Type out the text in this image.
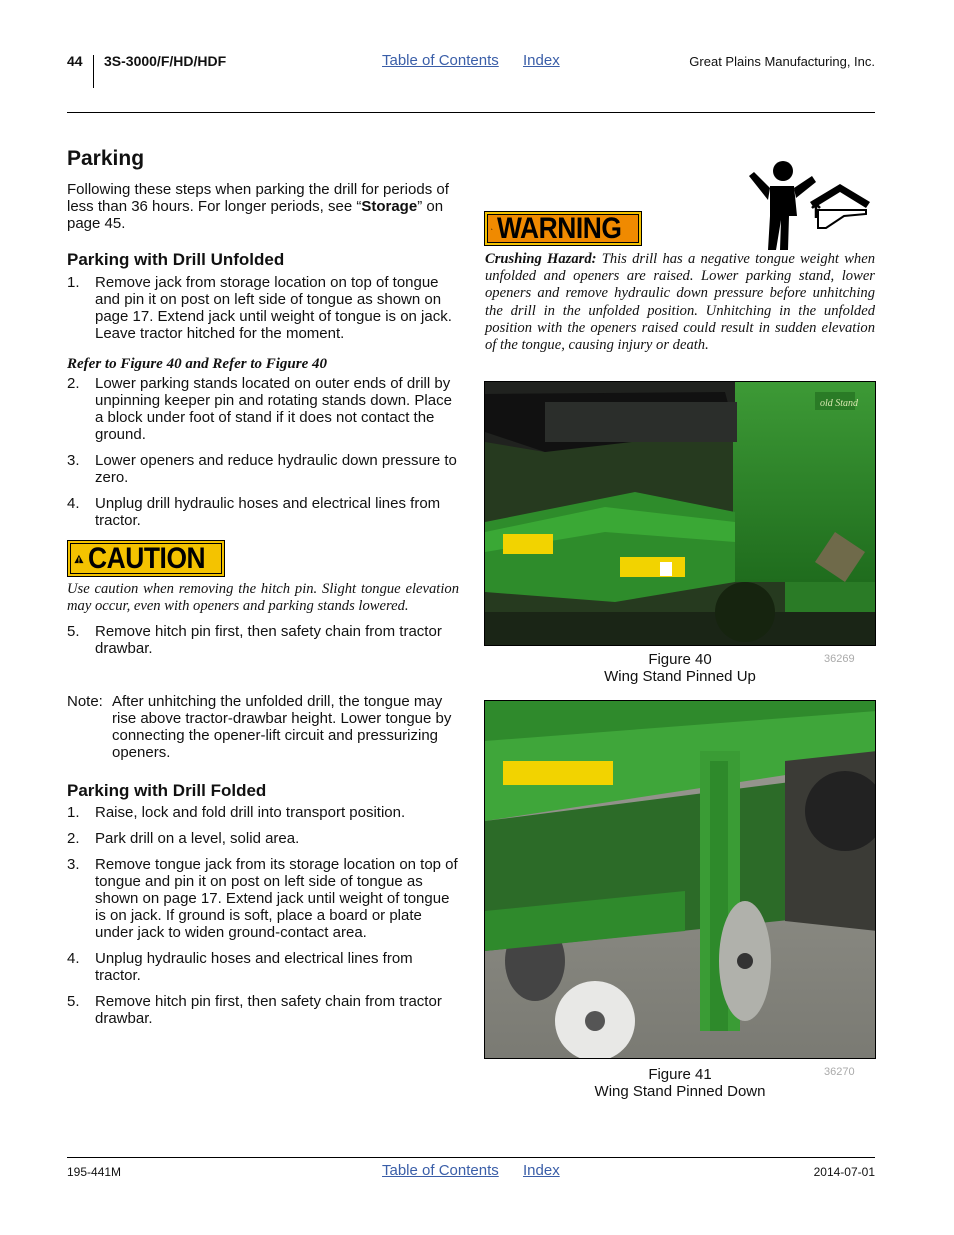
44 3S-3000/F/HD/HDF	Table of Contents Index	Great Plains Manufacturing, Inc.
Parking
Following these steps when parking the drill for periods of less than 36 hours. For longer periods, see “Storage” on page 45.
Parking with Drill Unfolded
1. Remove jack from storage location on top of tongue and pin it on post on left side of tongue as shown on page 17. Extend jack until weight of tongue is on jack. Leave tractor hitched for the moment.
Refer to Figure 40 and Refer to Figure 40
2. Lower parking stands located on outer ends of drill by unpinning keeper pin and rotating stands down. Place a block under foot of stand if it does not contact the ground.
3. Lower openers and reduce hydraulic down pressure to zero.
4. Unplug drill hydraulic hoses and electrical lines from tractor.
CAUTION
Use caution when removing the hitch pin. Slight tongue elevation may occur, even with openers and parking stands lowered.
5. Remove hitch pin first, then safety chain from tractor drawbar.
Note: After unhitching the unfolded drill, the tongue may rise above tractor-drawbar height. Lower tongue by connecting the opener-lift circuit and pressurizing openers.
Parking with Drill Folded
1. Raise, lock and fold drill into transport position.
2. Park drill on a level, solid area.
3. Remove tongue jack from its storage location on top of tongue and pin it on post on left side of tongue as shown on page 17. Extend jack until weight of tongue is on jack. If ground is soft, place a board or plate under jack to widen ground-contact area.
4. Unplug hydraulic hoses and electrical lines from tractor.
5. Remove hitch pin first, then safety chain from tractor drawbar.
WARNING
Crushing Hazard: This drill has a negative tongue weight when unfolded and openers are raised. Lower parking stand, lower openers and remove hydraulic down pressure before unhitching the drill in the unfolded position. Unhitching in the unfolded position with the openers raised could result in sudden elevation of the tongue, causing injury or death.
old Stand
Figure 40
Wing Stand Pinned Up
36269
Figure 41
Wing Stand Pinned Down
36270
195-441M	Table of Contents Index	2014-07-01
